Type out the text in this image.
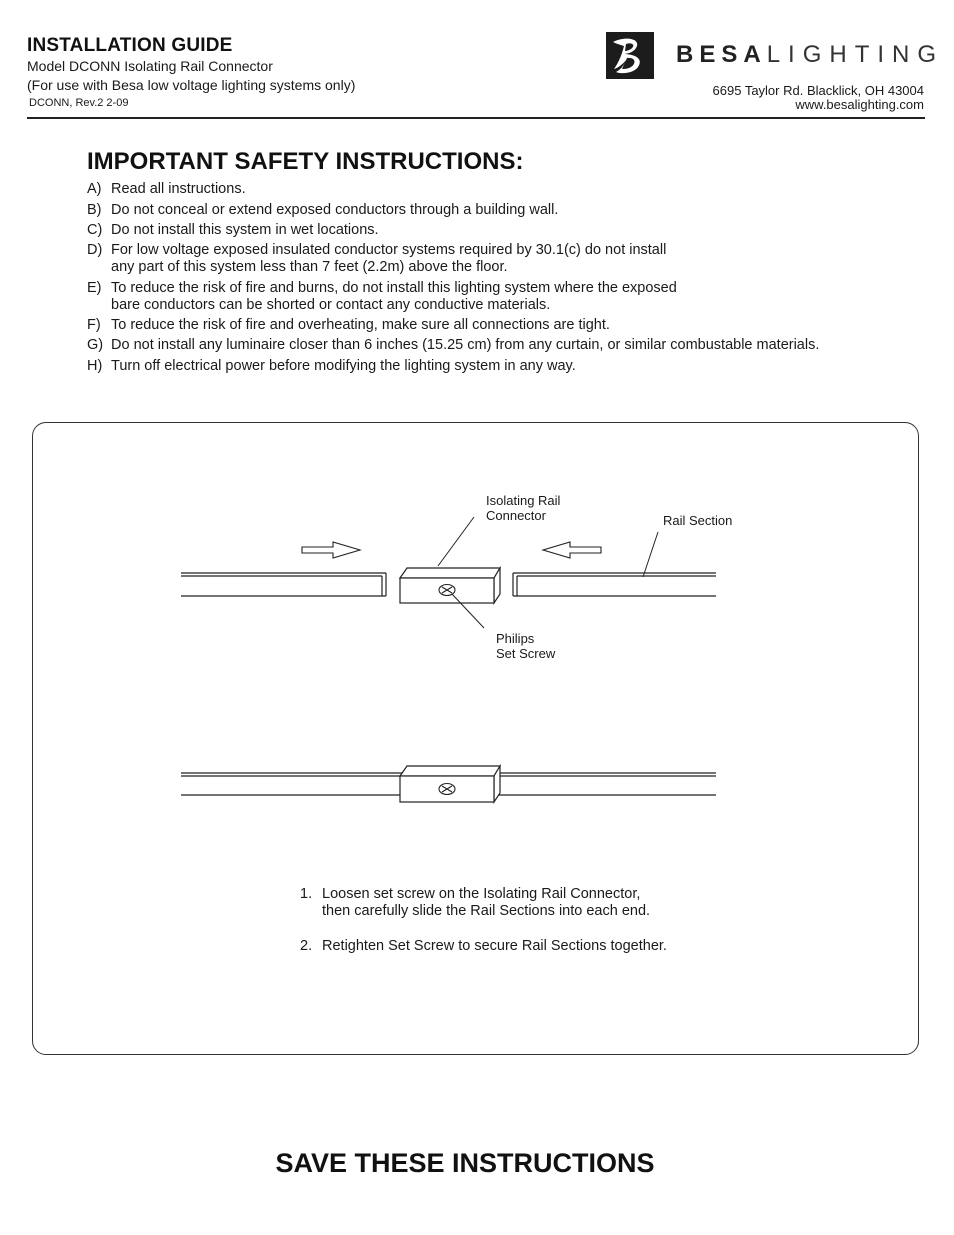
INSTALLATION GUIDE
Model DCONN Isolating Rail Connector
(For use with Besa low voltage lighting systems only)
DCONN, Rev.2 2-09
BESALIGHTING
6695 Taylor Rd. Blacklick, OH 43004
www.besalighting.com
IMPORTANT SAFETY INSTRUCTIONS:
A) Read all instructions.
B) Do not conceal or extend exposed conductors through a building wall.
C) Do not install this system in wet locations.
D) For low voltage exposed insulated conductor systems required by 30.1(c) do not install
any part of this system less than 7 feet (2.2m) above the floor.
E) To reduce the risk of fire and burns, do not install this lighting system where the exposed
bare conductors can be shorted or contact any conductive materials.
F) To reduce the risk of fire and overheating, make sure all connections are tight.
G) Do not install any luminaire closer than 6 inches (15.25 cm) from any curtain, or similar combustable materials.
H) Turn off electrical power before modifying the lighting system in any way.
Isolating Rail
Connector	Rail Section
Philips
Set Screw
1. Loosen set screw on the Isolating Rail Connector,
then carefully slide the Rail Sections into each end.
2. Retighten Set Screw to secure Rail Sections together.
SAVE THESE INSTRUCTIONS
